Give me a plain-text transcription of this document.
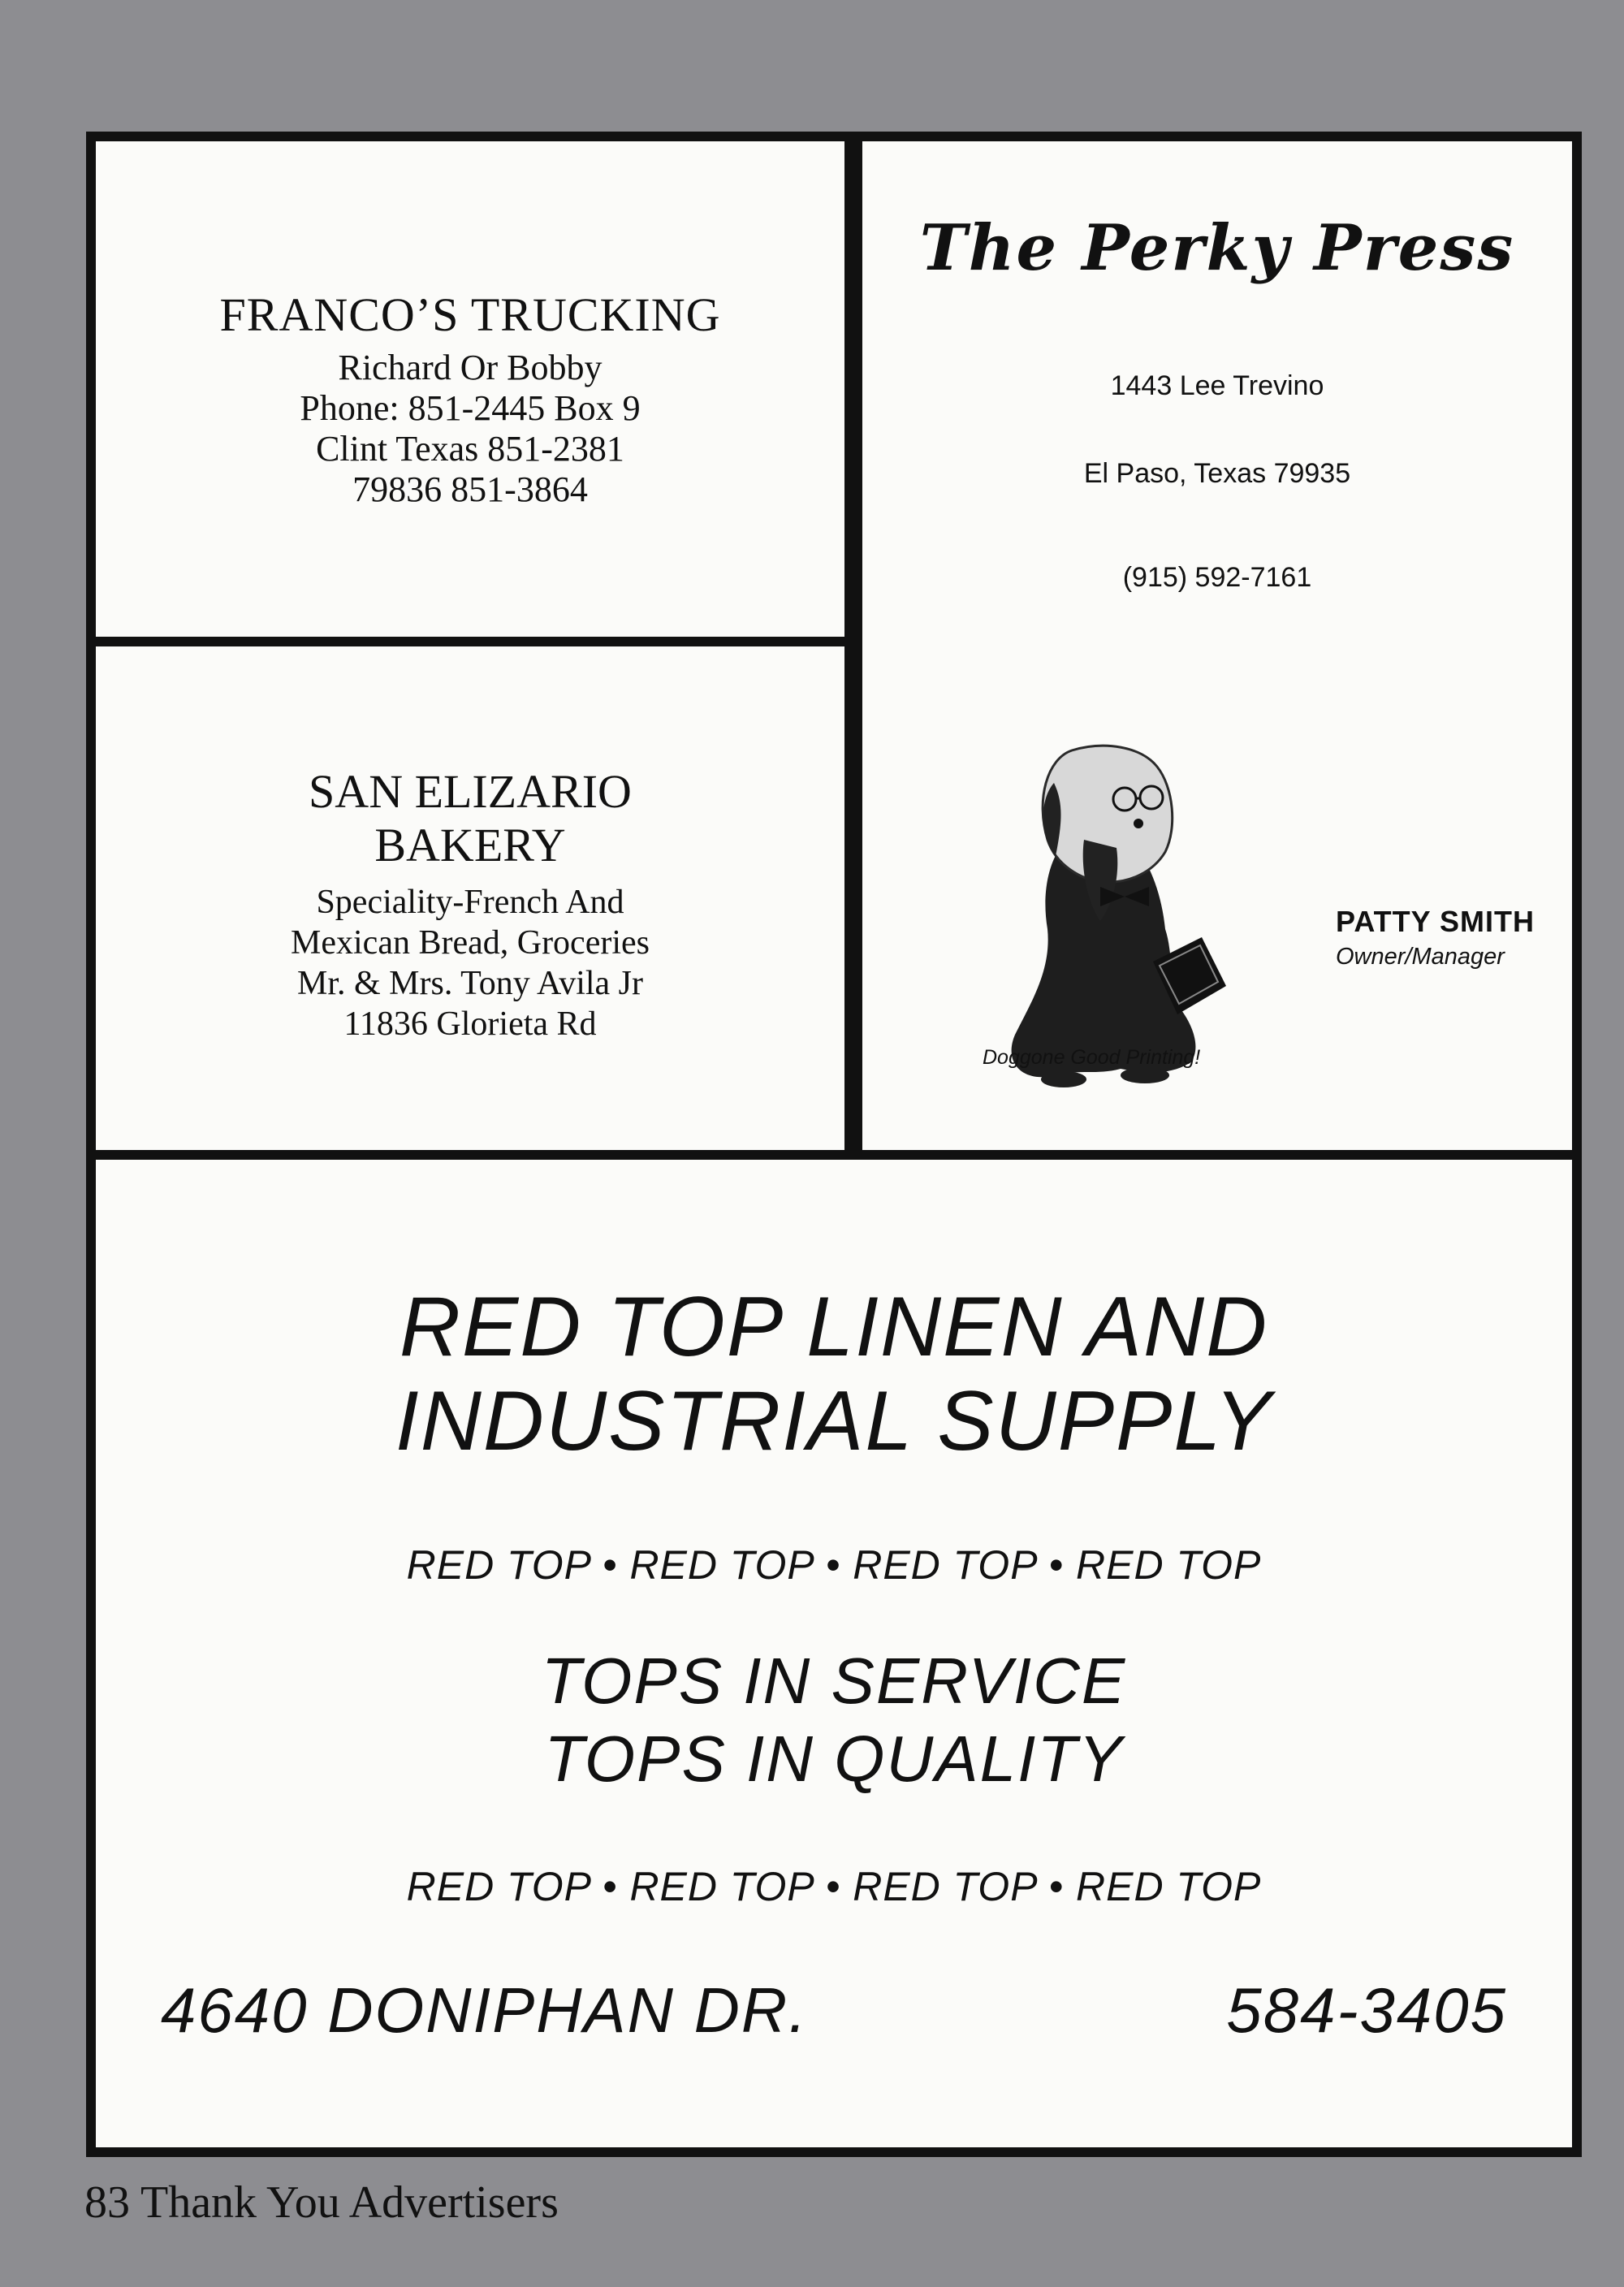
FRANCO’S TRUCKING
Richard Or Bobby
Phone: 851-2445 Box 9
Clint Texas 851-2381
79836 851-3864
SAN ELIZARIO
BAKERY
Speciality-French And
Mexican Bread, Groceries
Mr. & Mrs. Tony Avila Jr
11836 Glorieta Rd
The Perky Press
1443 Lee Trevino
El Paso, Texas 79935
(915) 592-7161
PATTY SMITH
Owner/Manager
Doggone Good Printing!
RED TOP LINEN AND
INDUSTRIAL SUPPLY
RED TOP • RED TOP • RED TOP • RED TOP
TOPS IN SERVICE
TOPS IN QUALITY
RED TOP • RED TOP • RED TOP • RED TOP
4640 DONIPHAN DR.	584-3405
83 Thank You Advertisers
